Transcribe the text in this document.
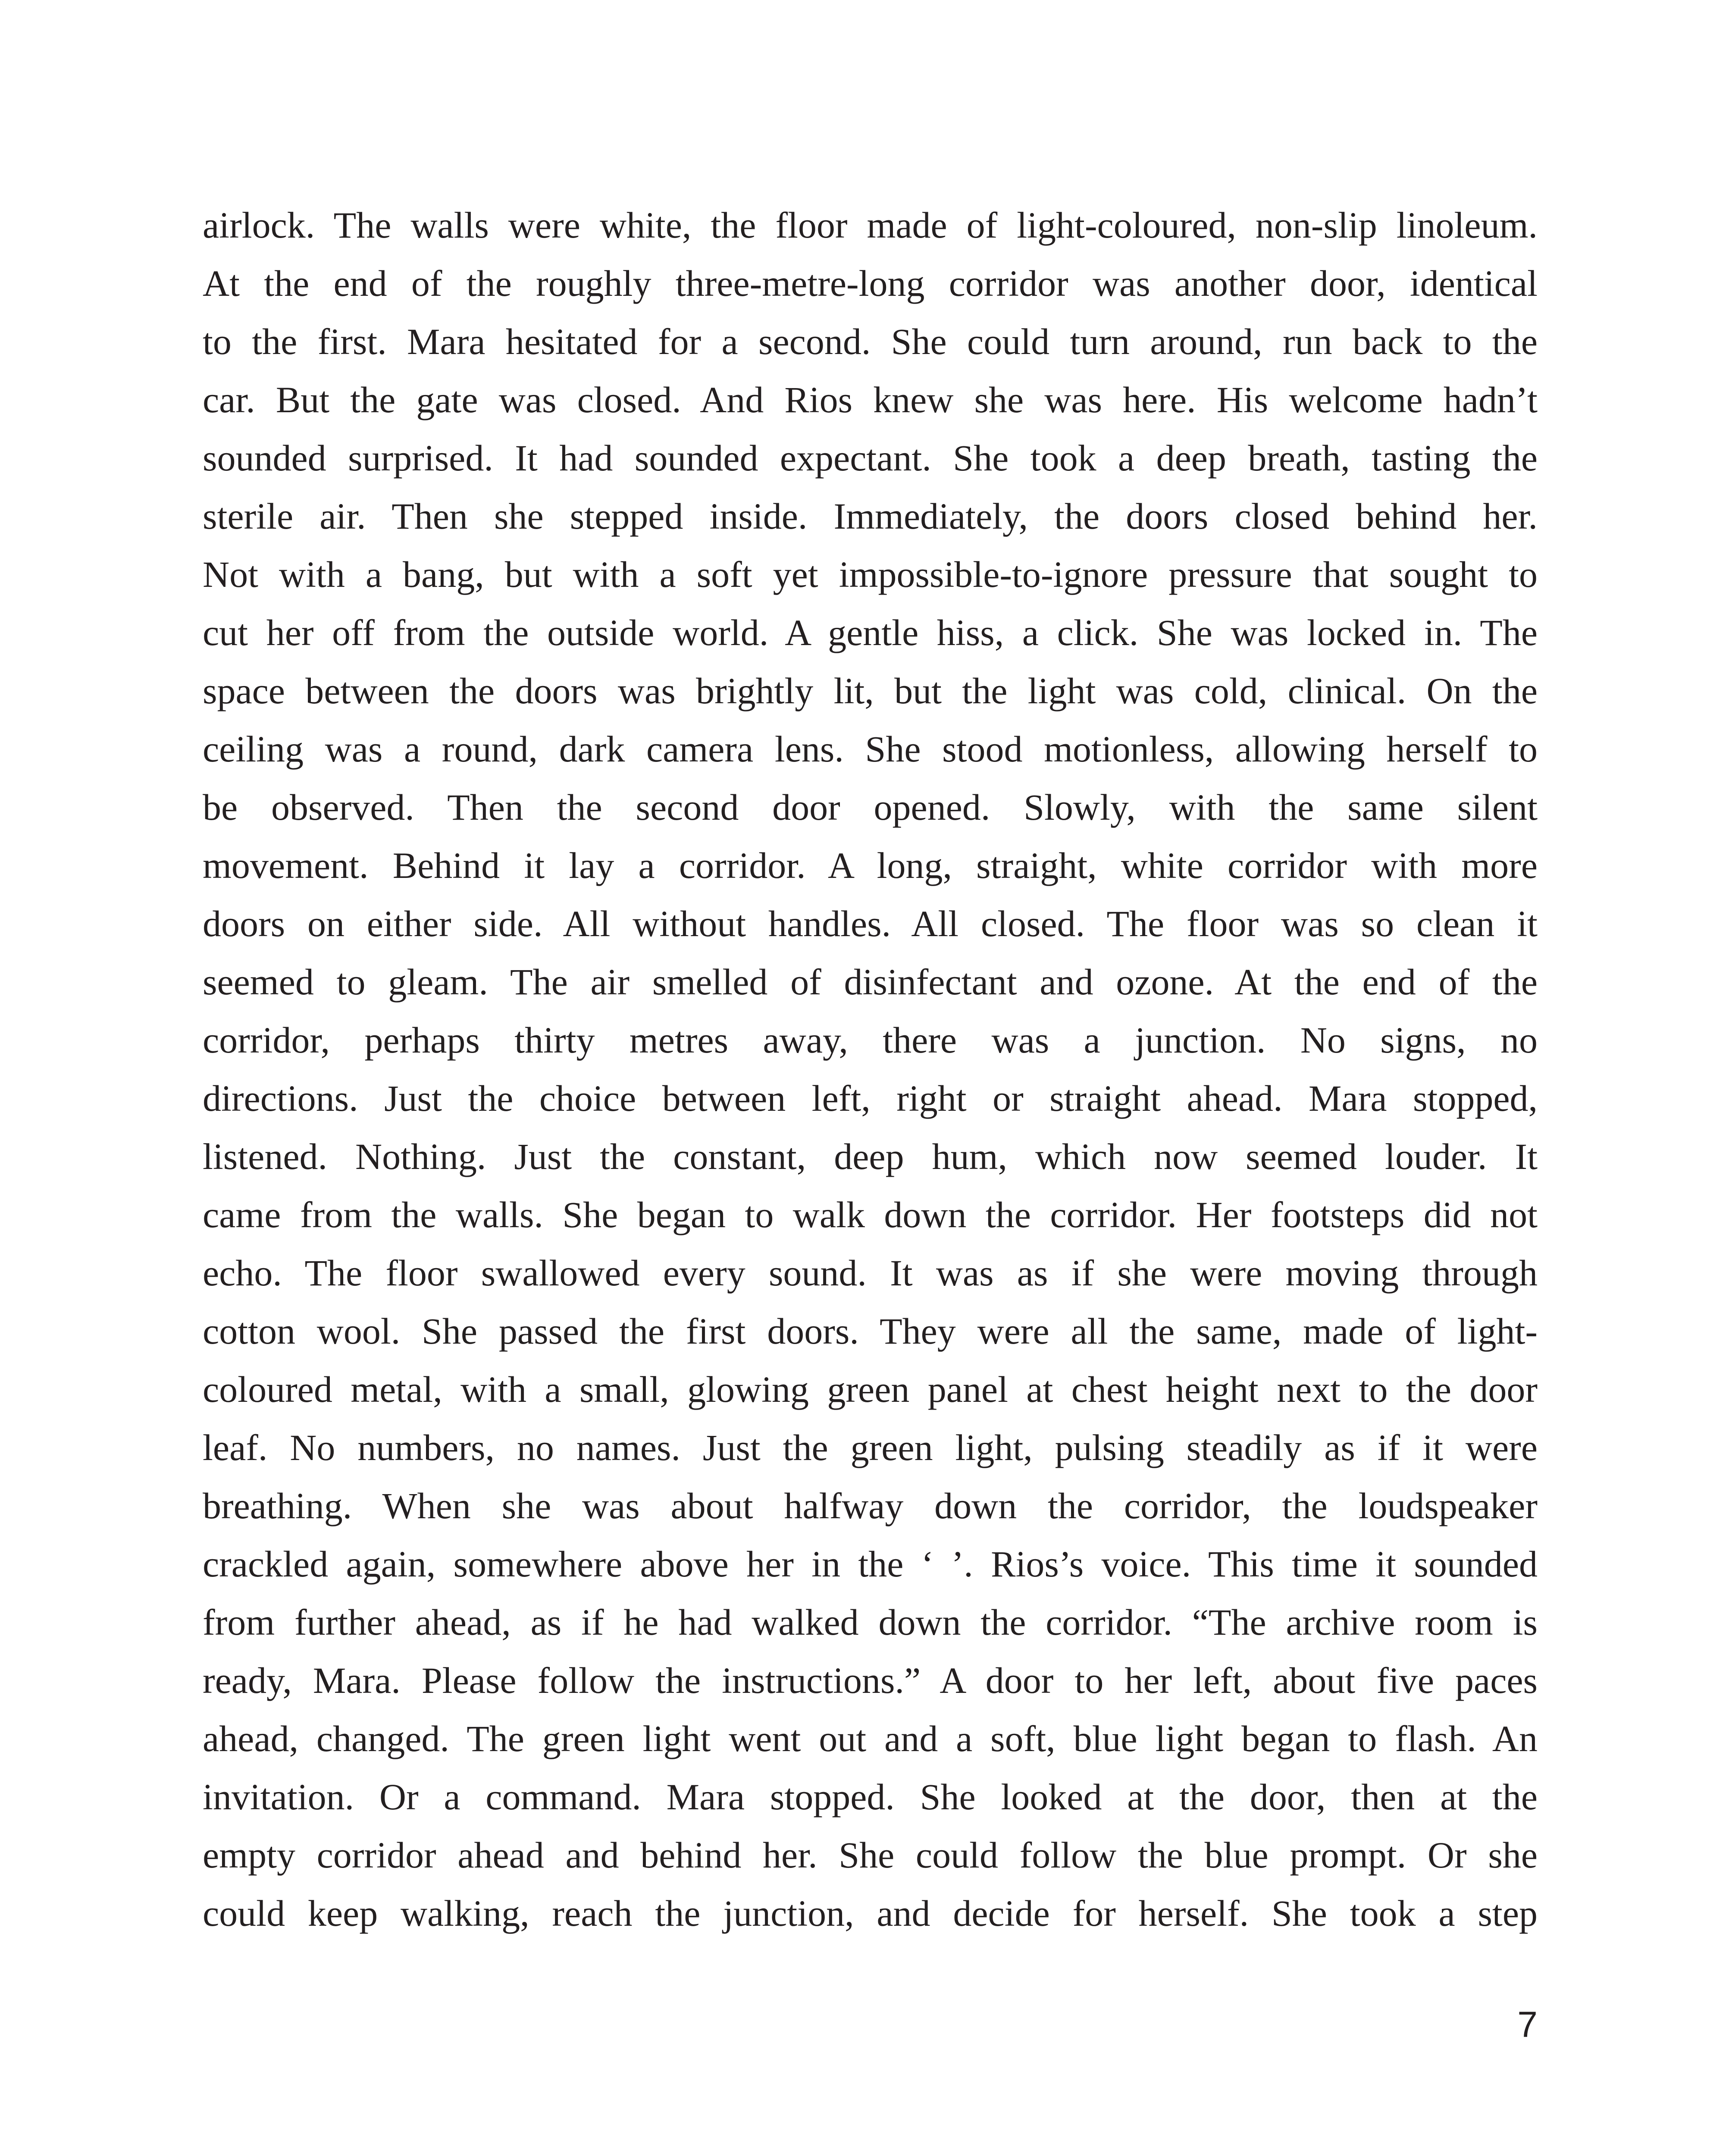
airlock. The walls were white, the floor made of light-coloured, non-slip linoleum.
At the end of the roughly three-metre-long corridor was another door, identical
to the first. Mara hesitated for a second. She could turn around, run back to the
car. But the gate was closed. And Rios knew she was here. His welcome hadn’t
sounded surprised. It had sounded expectant. She took a deep breath, tasting the
sterile air. Then she stepped inside. Immediately, the doors closed behind her.
Not with a bang, but with a soft yet impossible-to-ignore pressure that sought to
cut her off from the outside world. A gentle hiss, a click. She was locked in. The
space between the doors was brightly lit, but the light was cold, clinical. On the
ceiling was a round, dark camera lens. She stood motionless, allowing herself to
be observed. Then the second door opened. Slowly, with the same silent
movement. Behind it lay a corridor. A long, straight, white corridor with more
doors on either side. All without handles. All closed. The floor was so clean it
seemed to gleam. The air smelled of disinfectant and ozone. At the end of the
corridor, perhaps thirty metres away, there was a junction. No signs, no
directions. Just the choice between left, right or straight ahead. Mara stopped,
listened. Nothing. Just the constant, deep hum, which now seemed louder. It
came from the walls. She began to walk down the corridor. Her footsteps did not
echo. The floor swallowed every sound. It was as if she were moving through
cotton wool. She passed the first doors. They were all the same, made of light-
coloured metal, with a small, glowing green panel at chest height next to the door
leaf. No numbers, no names. Just the green light, pulsing steadily as if it were
breathing. When she was about halfway down the corridor, the loudspeaker
crackled again, somewhere above her in the ‘ ’. Rios’s voice. This time it sounded
from further ahead, as if he had walked down the corridor. “The archive room is
ready, Mara. Please follow the instructions.” A door to her left, about five paces
ahead, changed. The green light went out and a soft, blue light began to flash. An
invitation. Or a command. Mara stopped. She looked at the door, then at the
empty corridor ahead and behind her. She could follow the blue prompt. Or she
could keep walking, reach the junction, and decide for herself. She took a step
7
